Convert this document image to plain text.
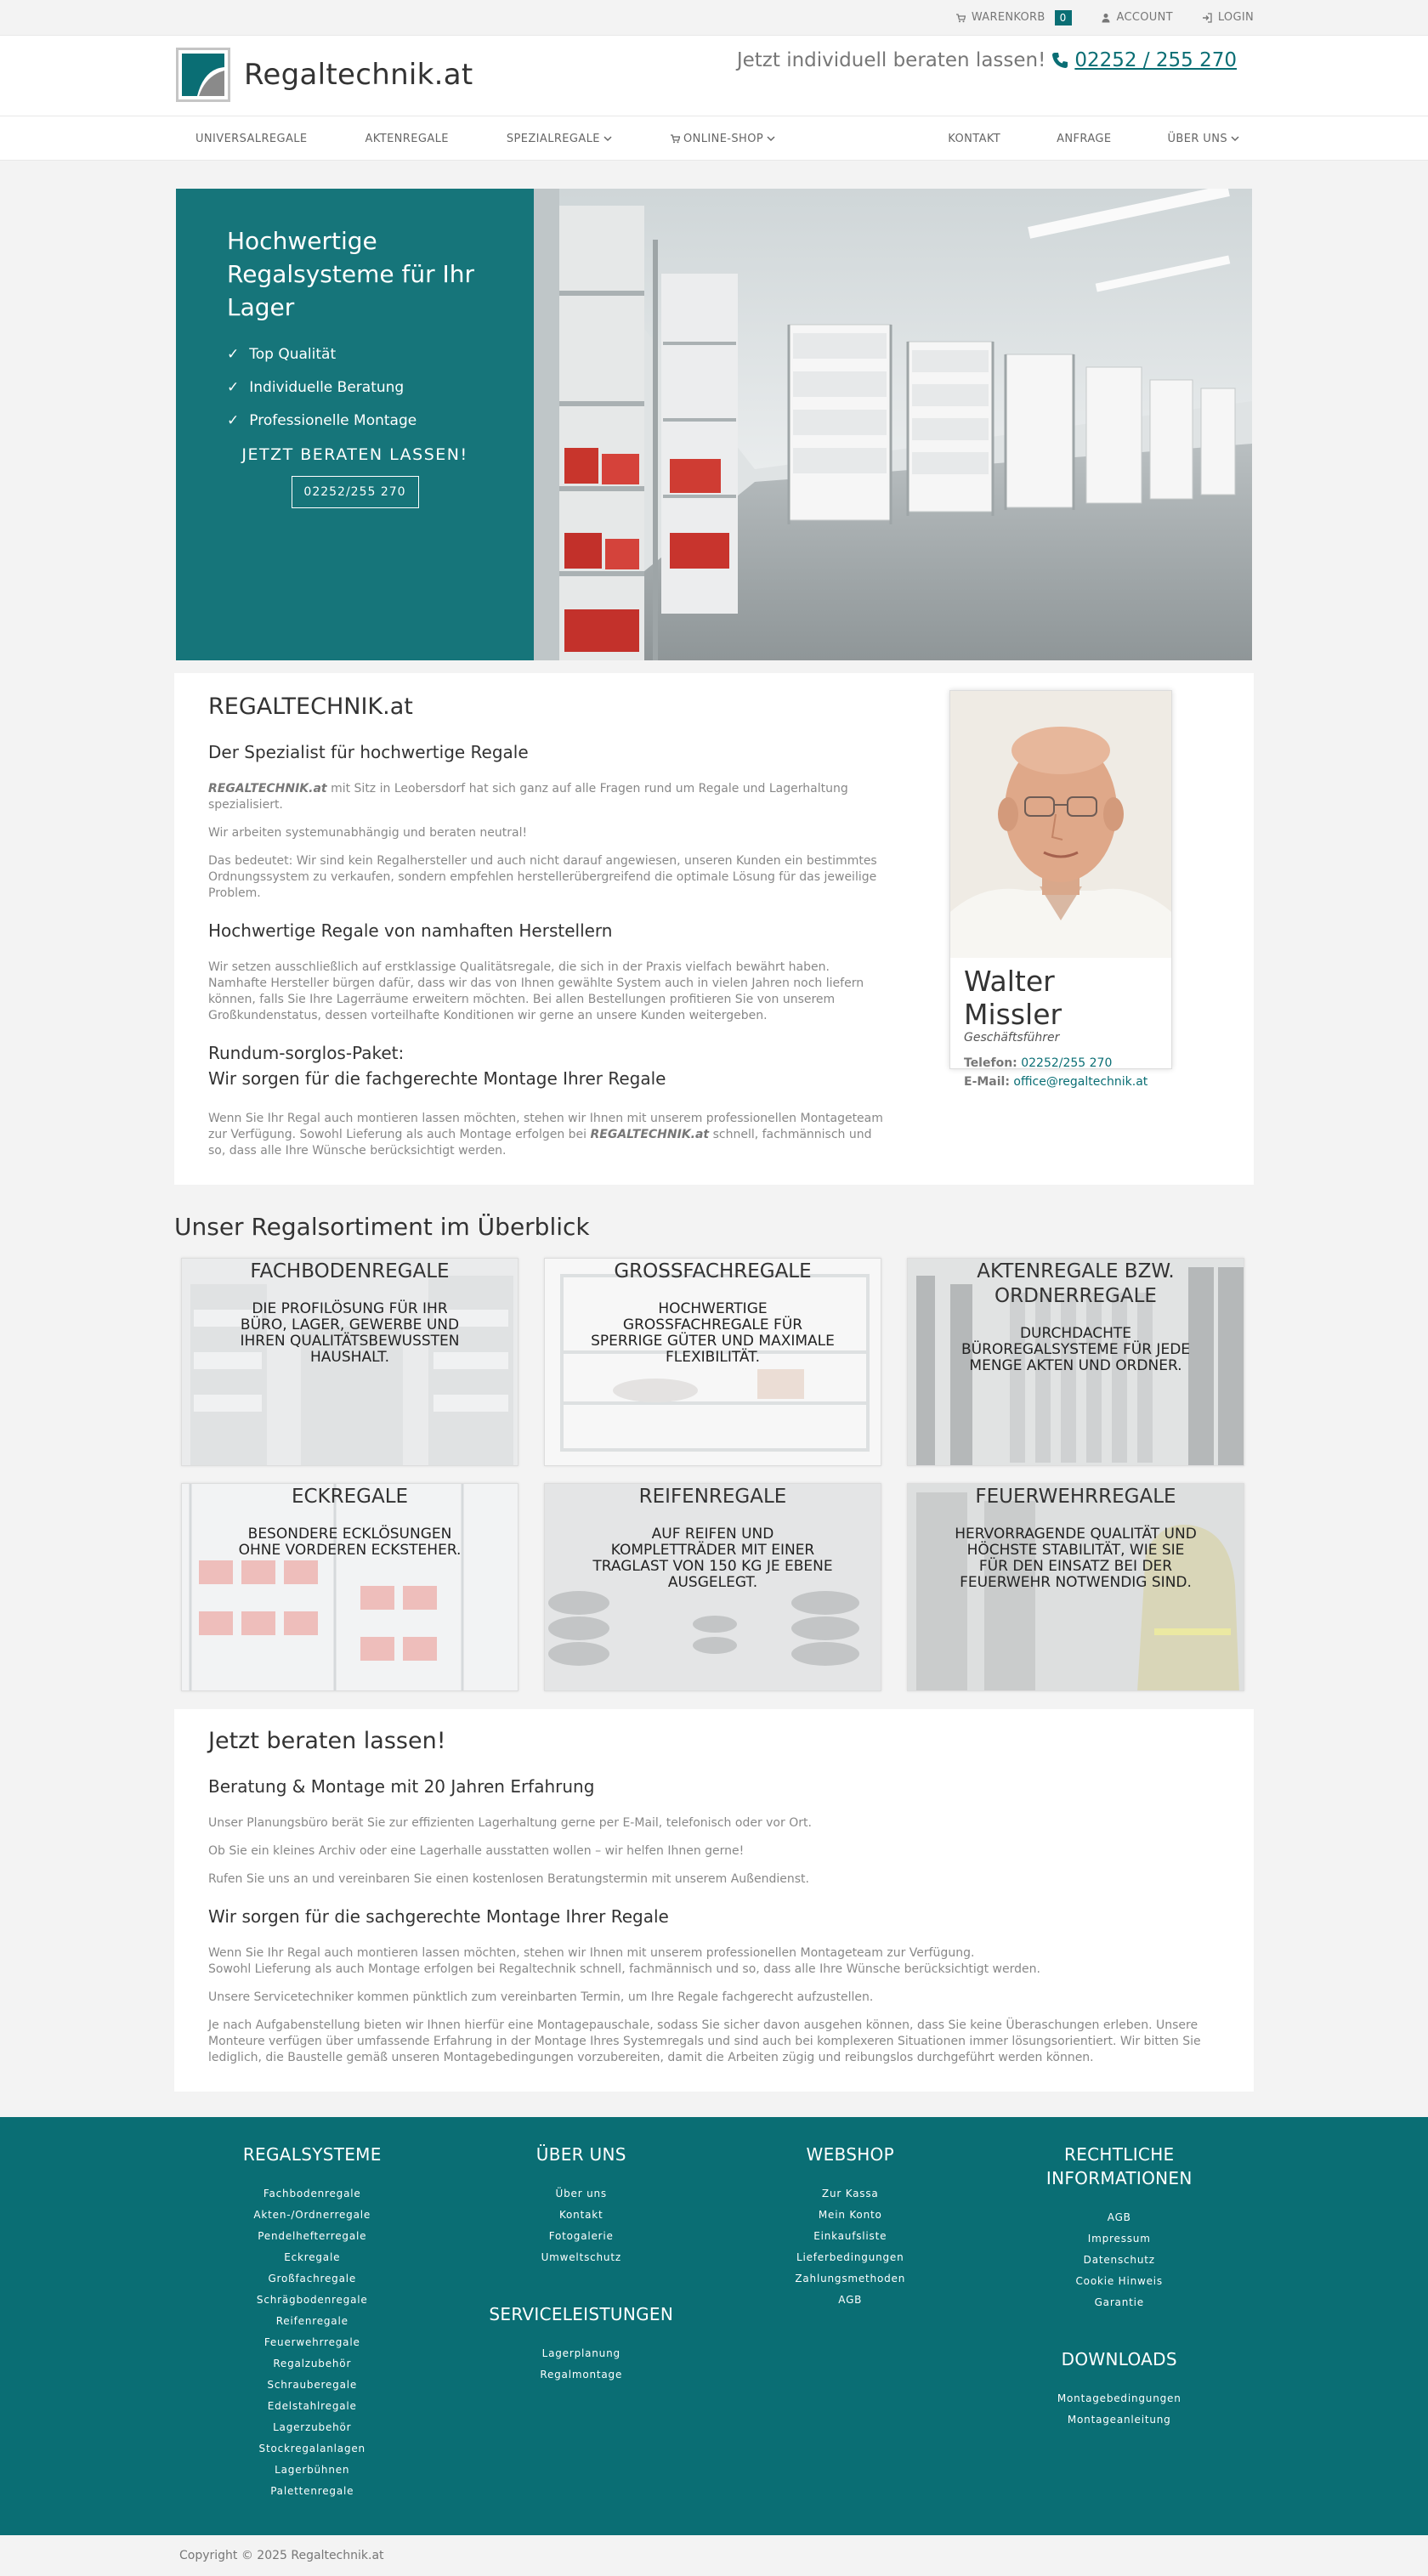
WARENKORB	0	ACCOUNT	LOGIN
Regaltechnik.at	Jetzt individuell beraten lassen! 02252 / 255 270
UNIVERSALREGALE	AKTENREGALE	SPEZIALREGALE	ONLINE-SHOP	KONTAKT	ANFRAGE	ÜBER UNS
Hochwertige Regalsysteme für Ihr Lager
✓ Top Qualität
✓ Individuelle Beratung
✓ Professionelle Montage
JETZT BERATEN LASSEN!
02252/255 270
REGALTECHNIK.at
Der Spezialist für hochwertige Regale

REGALTECHNIK.at mit Sitz in Leobersdorf hat sich ganz auf alle Fragen rund um Regale und Lagerhaltung spezialisiert.

Wir arbeiten systemunabhängig und beraten neutral!

Das bedeutet: Wir sind kein Regalhersteller und auch nicht darauf angewiesen, unseren Kunden ein bestimmtes Ordnungssystem zu verkaufen, sondern empfehlen herstellerübergreifend die optimale Lösung für das jeweilige Problem.

Hochwertige Regale von namhaften Herstellern

Wir setzen ausschließlich auf erstklassige Qualitätsregale, die sich in der Praxis vielfach bewährt haben. Namhafte Hersteller bürgen dafür, dass wir das von Ihnen gewählte System auch in vielen Jahren noch liefern können, falls Sie Ihre Lagerräume erweitern möchten. Bei allen Bestellungen profitieren Sie von unserem Großkundenstatus, dessen vorteilhafte Konditionen wir gerne an unsere Kunden weitergeben.

Rundum-sorglos-Paket:
Wir sorgen für die fachgerechte Montage Ihrer Regale

Wenn Sie Ihr Regal auch montieren lassen möchten, stehen wir Ihnen mit unserem professionellen Montageteam zur Verfügung. Sowohl Lieferung als auch Montage erfolgen bei REGALTECHNIK.at schnell, fachmännisch und so, dass alle Ihre Wünsche berücksichtigt werden.

Walter Missler
Geschäftsführer
Telefon: 02252/255 270
E-Mail: office@regaltechnik.at
Unser Regalsortiment im Überblick
FACHBODENREGALE
DIE PROFILÖSUNG FÜR IHR BÜRO, LAGER, GEWERBE UND IHREN QUALITÄTSBEWUSSTEN HAUSHALT.
GROSSFACHREGALE
HOCHWERTIGE GROSSFACHREGALE FÜR SPERRIGE GÜTER UND MAXIMALE FLEXIBILITÄT.
AKTENREGALE BZW. ORDNERREGALE
DURCHDACHTE BÜROREGALSYSTEME FÜR JEDE MENGE AKTEN UND ORDNER.
ECKREGALE
BESONDERE ECKLÖSUNGEN OHNE VORDEREN ECKSTEHER.
REIFENREGALE
AUF REIFEN UND KOMPLETTRÄDER MIT EINER TRAGLAST VON 150 KG JE EBENE AUSGELEGT.
FEUERWEHRREGALE
HERVORRAGENDE QUALITÄT UND HÖCHSTE STABILITÄT, WIE SIE FÜR DEN EINSATZ BEI DER FEUERWEHR NOTWENDIG SIND.
Jetzt beraten lassen!
Beratung & Montage mit 20 Jahren Erfahrung

Unser Planungsbüro berät Sie zur effizienten Lagerhaltung gerne per E-Mail, telefonisch oder vor Ort.

Ob Sie ein kleines Archiv oder eine Lagerhalle ausstatten wollen – wir helfen Ihnen gerne!

Rufen Sie uns an und vereinbaren Sie einen kostenlosen Beratungstermin mit unserem Außendienst.

Wir sorgen für die sachgerechte Montage Ihrer Regale

Wenn Sie Ihr Regal auch montieren lassen möchten, stehen wir Ihnen mit unserem professionellen Montageteam zur Verfügung.
Sowohl Lieferung als auch Montage erfolgen bei Regaltechnik schnell, fachmännisch und so, dass alle Ihre Wünsche berücksichtigt werden.

Unsere Servicetechniker kommen pünktlich zum vereinbarten Termin, um Ihre Regale fachgerecht aufzustellen.

Je nach Aufgabenstellung bieten wir Ihnen hierfür eine Montagepauschale, sodass Sie sicher davon ausgehen können, dass Sie keine Überaschungen erleben. Unsere Monteure verfügen über umfassende Erfahrung in der Montage Ihres Systemregals und sind auch bei komplexeren Situationen immer lösungsorientiert. Wir bitten Sie lediglich, die Baustelle gemäß unseren Montagebedingungen vorzubereiten, damit die Arbeiten zügig und reibungslos durchgeführt werden können.

REGALSYSTEME
Fachbodenregale
Akten-/Ordnerregale
Pendelhefterregale
Eckregale
Großfachregale
Schrägbodenregale
Reifenregale
Feuerwehrregale
Regalzubehör
Schrauberegale
Edelstahlregale
Lagerzubehör
Stockregalanlagen
Lagerbühnen
Palettenregale
ÜBER UNS
Über uns
Kontakt
Fotogalerie
Umweltschutz
SERVICELEISTUNGEN
Lagerplanung
Regalmontage
WEBSHOP
Zur Kassa
Mein Konto
Einkaufsliste
Lieferbedingungen
Zahlungsmethoden
AGB
RECHTLICHE
INFORMATIONEN
AGB
Impressum
Datenschutz
Cookie Hinweis
Garantie
DOWNLOADS
Montagebedingungen
Montageanleitung
Copyright © 2025 Regaltechnik.at
